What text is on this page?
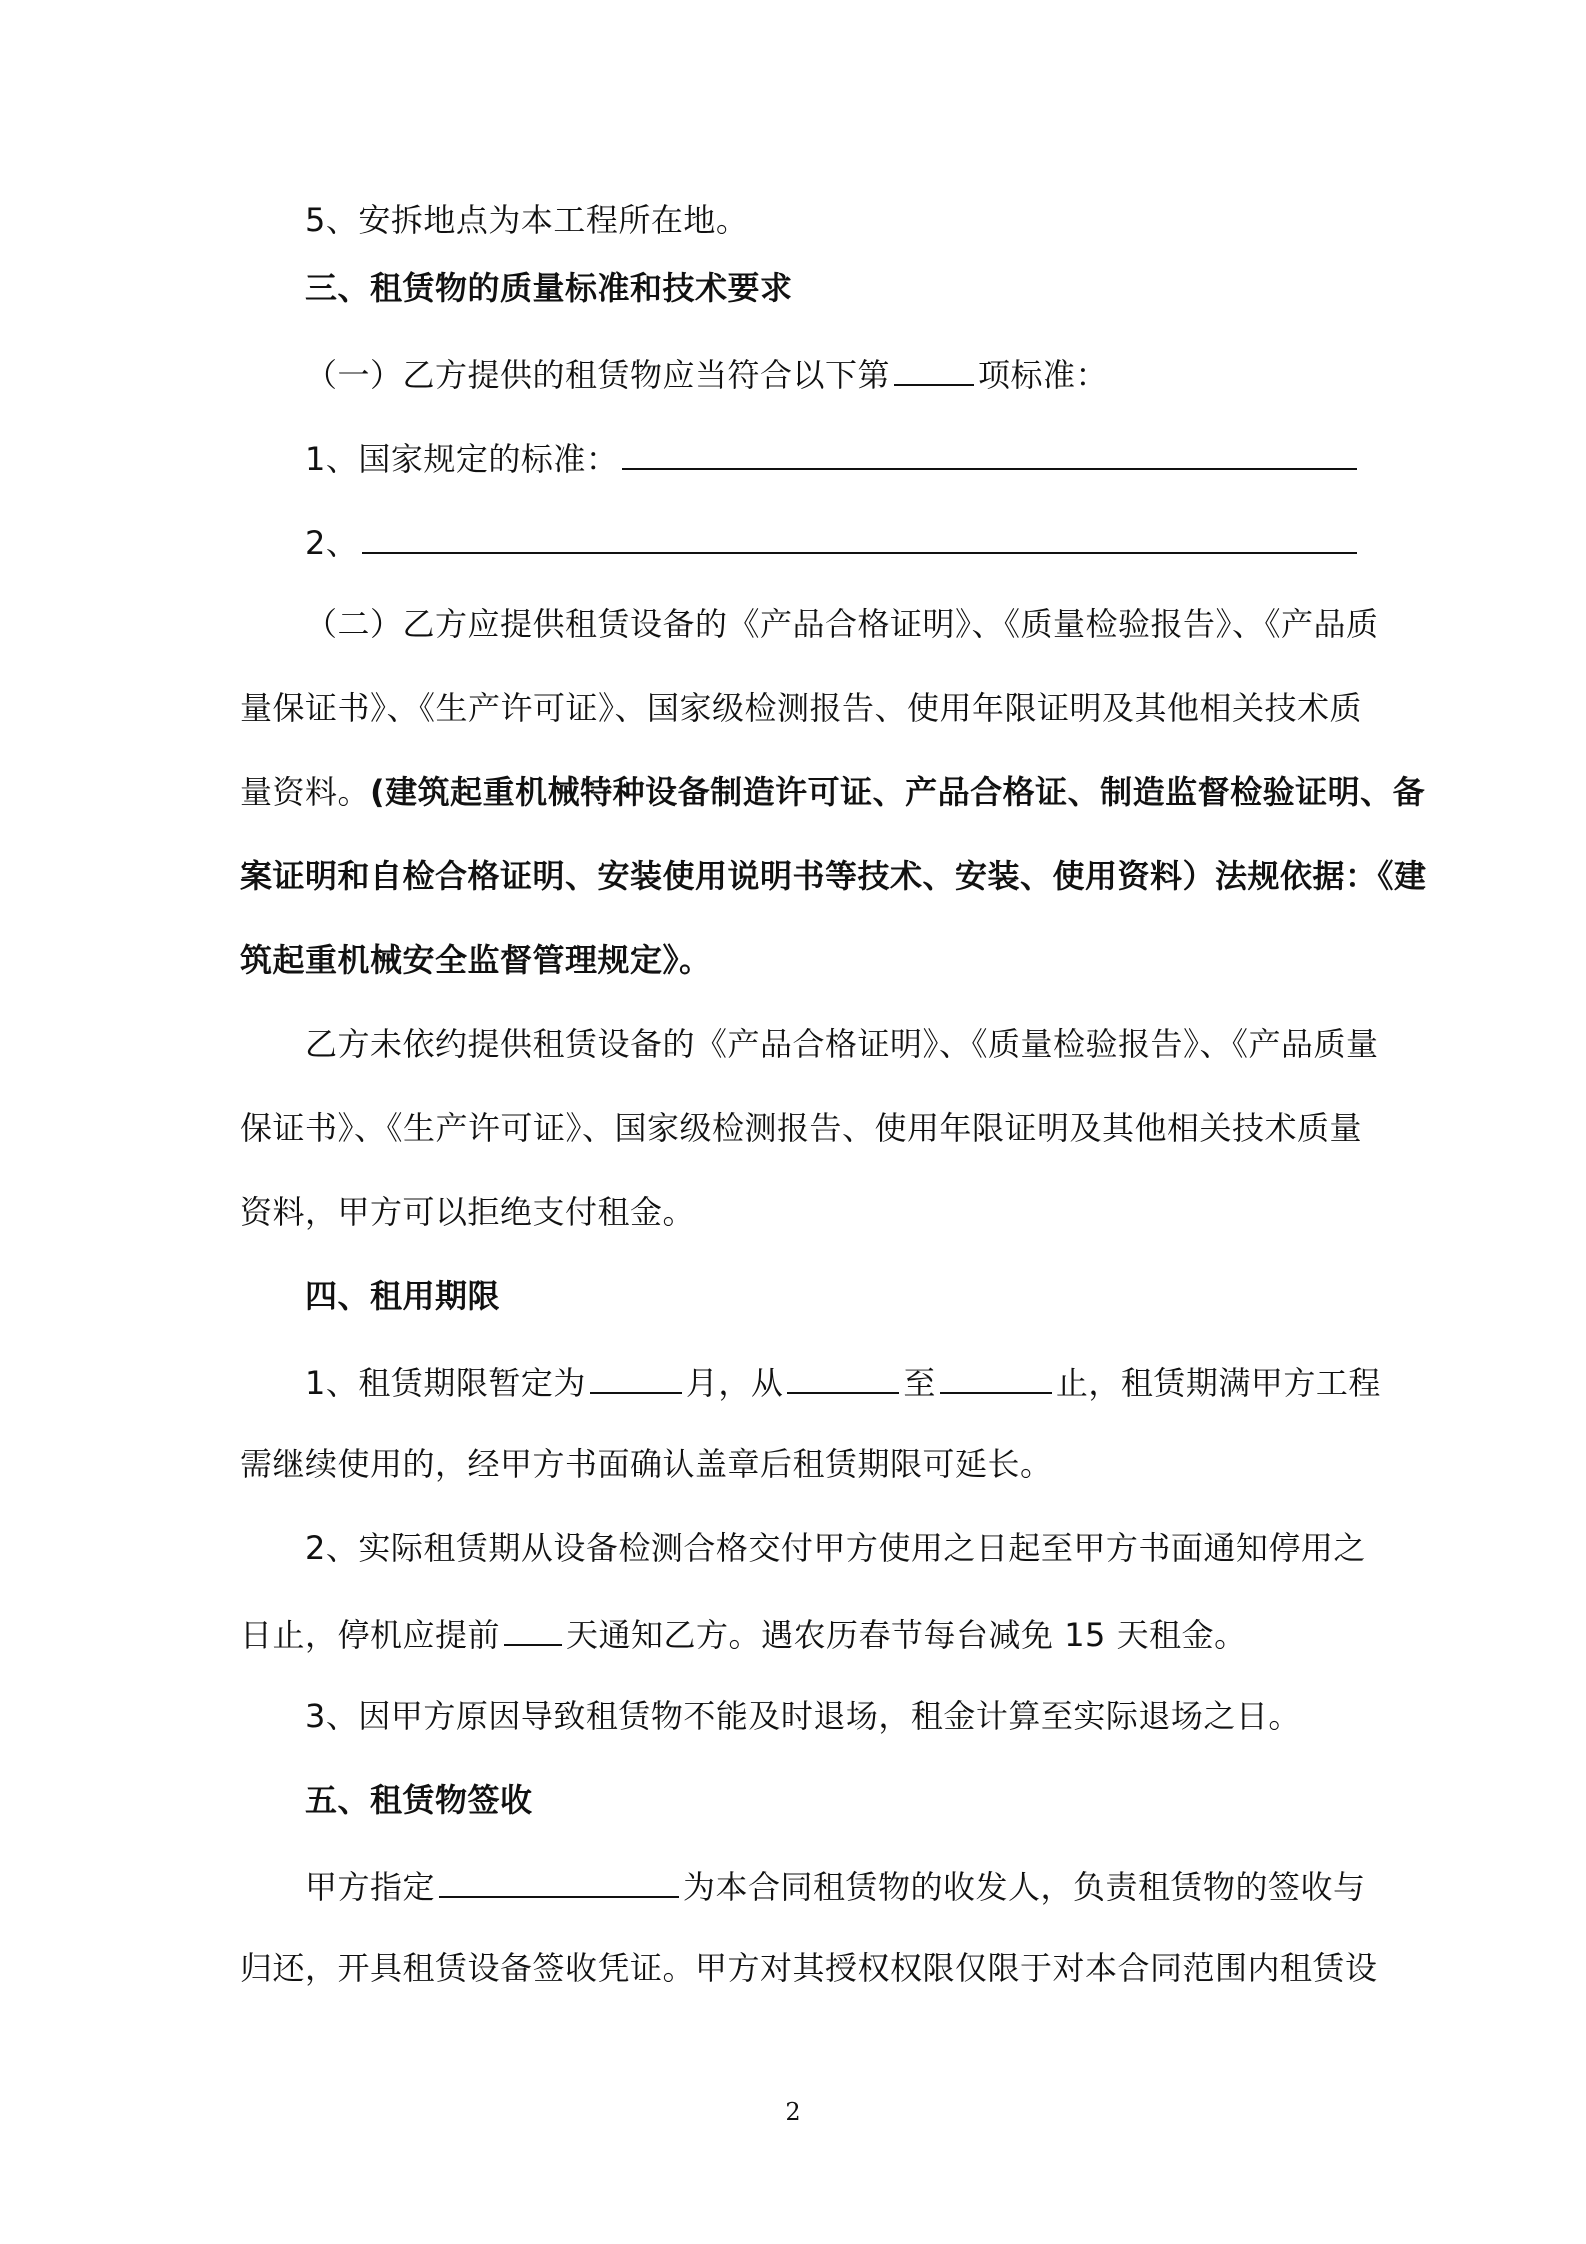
5、安拆地点为本工程所在地。
三、租赁物的质量标准和技术要求
（一）乙方提供的租赁物应当符合以下第	项标准：
1、国家规定的标准：
2、
（二）乙方应提供租赁设备的《产品合格证明》、《质量检验报告》、《产品质
量保证书》、《生产许可证》、国家级检测报告、使用年限证明及其他相关技术质
量资料。(建筑起重机械特种设备制造许可证、产品合格证、制造监督检验证明、备
案证明和自检合格证明、安装使用说明书等技术、安装、使用资料）法规依据：《建
筑起重机械安全监督管理规定》。
乙方未依约提供租赁设备的《产品合格证明》、《质量检验报告》、《产品质量
保证书》、《生产许可证》、国家级检测报告、使用年限证明及其他相关技术质量
资料，甲方可以拒绝支付租金。
四、租用期限
1、租赁期限暂定为	月，从	至	止，租赁期满甲方工程
需继续使用的，经甲方书面确认盖章后租赁期限可延长。
2、实际租赁期从设备检测合格交付甲方使用之日起至甲方书面通知停用之
日止，停机应提前 天通知乙方。遇农历春节每台减免 15 天租金。
3、因甲方原因导致租赁物不能及时退场，租金计算至实际退场之日。
五、租赁物签收
甲方指定	为本合同租赁物的收发人，负责租赁物的签收与
归还，开具租赁设备签收凭证。甲方对其授权权限仅限于对本合同范围内租赁设
2
